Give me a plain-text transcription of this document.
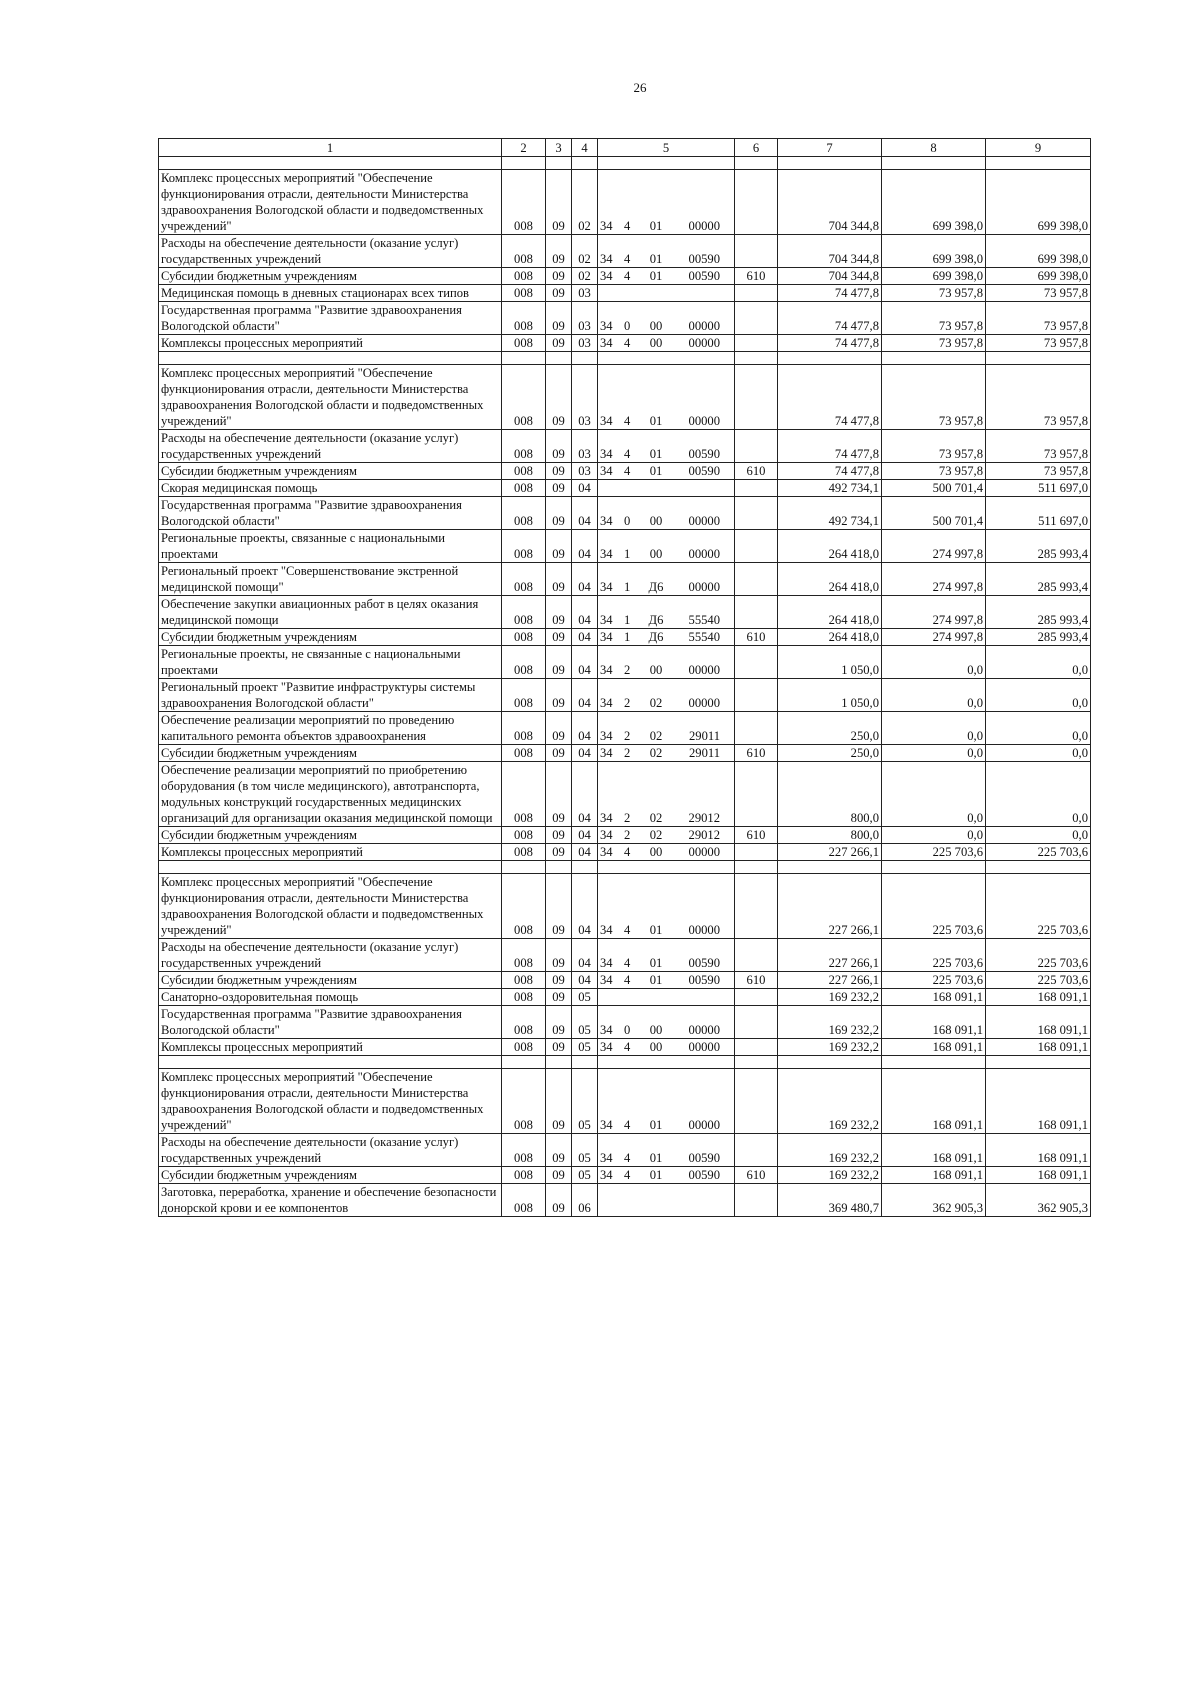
26
1	2	3	4	5	6	7	8	9

Комплекс процессных мероприятий "Обеспечение функционирования отрасли, деятельности Министерства здравоохранения Вологодской области и подведомственных учреждений"	008	09	02	34 4 01 00000		704 344,8	699 398,0	699 398,0
Расходы на обеспечение деятельности (оказание услуг) государственных учреждений	008	09	02	34 4 01 00590		704 344,8	699 398,0	699 398,0
Субсидии бюджетным учреждениям	008	09	02	34 4 01 00590	610	704 344,8	699 398,0	699 398,0
Медицинская помощь в дневных стационарах всех типов	008	09	03			74 477,8	73 957,8	73 957,8
Государственная программа "Развитие здравоохранения Вологодской области"	008	09	03	34 0 00 00000		74 477,8	73 957,8	73 957,8
Комплексы процессных мероприятий	008	09	03	34 4 00 00000		74 477,8	73 957,8	73 957,8

Комплекс процессных мероприятий "Обеспечение функционирования отрасли, деятельности Министерства здравоохранения Вологодской области и подведомственных учреждений"	008	09	03	34 4 01 00000		74 477,8	73 957,8	73 957,8
Расходы на обеспечение деятельности (оказание услуг) государственных учреждений	008	09	03	34 4 01 00590		74 477,8	73 957,8	73 957,8
Субсидии бюджетным учреждениям	008	09	03	34 4 01 00590	610	74 477,8	73 957,8	73 957,8
Скорая медицинская помощь	008	09	04			492 734,1	500 701,4	511 697,0
Государственная программа "Развитие здравоохранения Вологодской области"	008	09	04	34 0 00 00000		492 734,1	500 701,4	511 697,0
Региональные проекты, связанные с национальными проектами	008	09	04	34 1 00 00000		264 418,0	274 997,8	285 993,4
Региональный проект "Совершенствование экстренной медицинской помощи"	008	09	04	34 1 Д6 00000		264 418,0	274 997,8	285 993,4
Обеспечение закупки авиационных работ в целях оказания медицинской помощи	008	09	04	34 1 Д6 55540		264 418,0	274 997,8	285 993,4
Субсидии бюджетным учреждениям	008	09	04	34 1 Д6 55540	610	264 418,0	274 997,8	285 993,4
Региональные проекты, не связанные с национальными проектами	008	09	04	34 2 00 00000		1 050,0	0,0	0,0
Региональный проект "Развитие инфраструктуры системы здравоохранения Вологодской области"	008	09	04	34 2 02 00000		1 050,0	0,0	0,0
Обеспечение реализации мероприятий по проведению капитального ремонта объектов здравоохранения	008	09	04	34 2 02 29011		250,0	0,0	0,0
Субсидии бюджетным учреждениям	008	09	04	34 2 02 29011	610	250,0	0,0	0,0
Обеспечение реализации мероприятий по приобретению оборудования (в том числе медицинского), автотранспорта, модульных конструкций государственных медицинских организаций для организации оказания медицинской помощи	008	09	04	34 2 02 29012		800,0	0,0	0,0
Субсидии бюджетным учреждениям	008	09	04	34 2 02 29012	610	800,0	0,0	0,0
Комплексы процессных мероприятий	008	09	04	34 4 00 00000		227 266,1	225 703,6	225 703,6

Комплекс процессных мероприятий "Обеспечение функционирования отрасли, деятельности Министерства здравоохранения Вологодской области и подведомственных учреждений"	008	09	04	34 4 01 00000		227 266,1	225 703,6	225 703,6
Расходы на обеспечение деятельности (оказание услуг) государственных учреждений	008	09	04	34 4 01 00590		227 266,1	225 703,6	225 703,6
Субсидии бюджетным учреждениям	008	09	04	34 4 01 00590	610	227 266,1	225 703,6	225 703,6
Санаторно-оздоровительная помощь	008	09	05			169 232,2	168 091,1	168 091,1
Государственная программа "Развитие здравоохранения Вологодской области"	008	09	05	34 0 00 00000		169 232,2	168 091,1	168 091,1
Комплексы процессных мероприятий	008	09	05	34 4 00 00000		169 232,2	168 091,1	168 091,1

Комплекс процессных мероприятий "Обеспечение функционирования отрасли, деятельности Министерства здравоохранения Вологодской области и подведомственных учреждений"	008	09	05	34 4 01 00000		169 232,2	168 091,1	168 091,1
Расходы на обеспечение деятельности (оказание услуг) государственных учреждений	008	09	05	34 4 01 00590		169 232,2	168 091,1	168 091,1
Субсидии бюджетным учреждениям	008	09	05	34 4 01 00590	610	169 232,2	168 091,1	168 091,1
Заготовка, переработка, хранение и обеспечение безопасности донорской крови и ее компонентов	008	09	06			369 480,7	362 905,3	362 905,3
